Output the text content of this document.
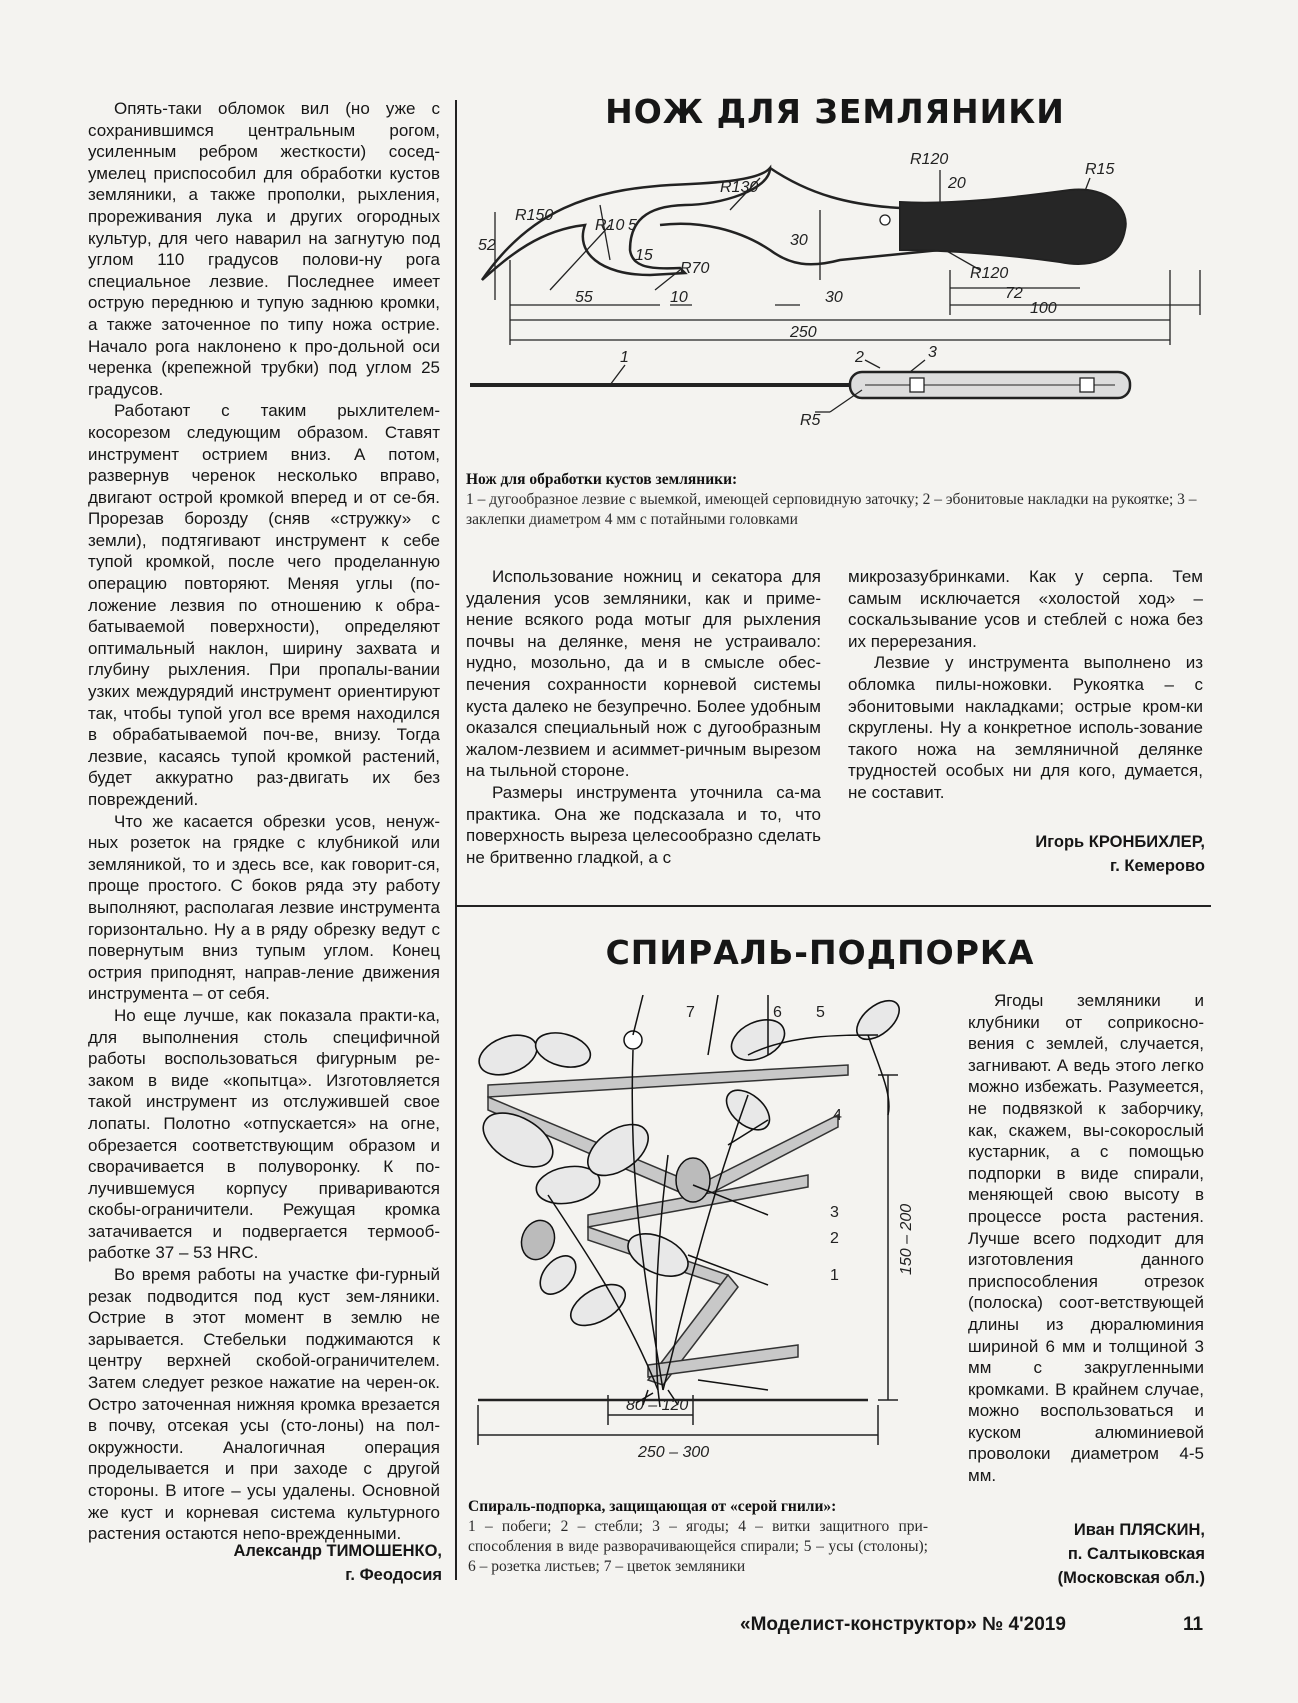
Опять-таки обломок вил (но уже с сохранившимся центральным рогом, усиленным ребром жесткости) сосед-умелец приспособил для обработки кустов земляники, а также прополки, рыхления, прореживания лука и других огородных культур, для чего наварил на загнутую под углом 110 градусов полови-ну рога специальное лезвие. Последнее имеет острую переднюю и тупую заднюю кромки, а также заточенное по типу ножа острие. Начало рога наклонено к про-дольной оси черенка (крепежной трубки) под углом 25 градусов.

Работают с таким рыхлителем-косорезом следующим образом. Ставят инструмент острием вниз. А потом, развернув черенок несколько вправо, двигают острой кромкой вперед и от се-бя. Прорезав борозду (сняв «стружку» с земли), подтягивают инструмент к себе тупой кромкой, после чего проделанную операцию повторяют. Меняя углы (по-ложение лезвия по отношению к обра-батываемой поверхности), определяют оптимальный наклон, ширину захвата и глубину рыхления. При пропалы-вании узких междурядий инструмент ориентируют так, чтобы тупой угол все время находился в обрабатываемой поч-ве, внизу. Тогда лезвие, касаясь тупой кромкой растений, будет аккуратно раз-двигать их без повреждений.

Что же касается обрезки усов, ненуж-ных розеток на грядке с клубникой или земляникой, то и здесь все, как говорит-ся, проще простого. С боков ряда эту работу выполняют, располагая лезвие инструмента горизонтально. Ну а в ряду обрезку ведут с повернутым вниз тупым углом. Конец острия приподнят, направ-ление движения инструмента – от себя.

Но еще лучше, как показала практи-ка, для выполнения столь специфичной работы воспользоваться фигурным ре-заком в виде «копытца». Изготовляется такой инструмент из отслужившей свое лопаты. Полотно «отпускается» на огне, обрезается соответствующим образом и сворачивается в полуворонку. К по-лучившемуся корпусу привариваются скобы-ограничители. Режущая кромка затачивается и подвергается термооб-работке 37 – 53 HRC.

Во время работы на участке фи-гурный резак подводится под куст зем-ляники. Острие в этот момент в землю не зарывается. Стебельки поджимаются к центру верхней скобой-ограничителем. Затем следует резкое нажатие на черен-ок. Остро заточенная нижняя кромка врезается в почву, отсекая усы (сто-лоны) на пол-окружности. Аналогичная операция проделывается и при заходе с другой стороны. В итоге – усы удалены. Основной же куст и корневая система культурного растения остаются непо-врежденными.

Александр ТИМОШЕНКО,
г. Феодосия
НОЖ ДЛЯ ЗЕМЛЯНИКИ
R120
20
R15
R130
R150
R10 5
15
30
R70	R120
72
52
55	10	30
100
250
1	2	3
R5
Нож для обработки кустов земляники:
1 – дугообразное лезвие с выемкой, имеющей серповидную заточку; 2 – эбонитовые накладки на рукоятке; 3 – заклепки диаметром 4 мм с потайными головками

Использование ножниц и секатора для удаления усов земляники, как и приме-нение всякого рода мотыг для рыхления почвы на делянке, меня не устраивало: нудно, мозольно, да и в смысле обес-печения сохранности корневой системы куста далеко не безупречно. Более удобным оказался специальный нож с дугообразным жалом-лезвием и асиммет-ричным вырезом на тыльной стороне.

Размеры инструмента уточнила са-ма практика. Она же подсказала и то, что поверхность выреза целесообразно сделать не бритвенно гладкой, а с

микрозазубринками. Как у серпа. Тем самым исключается «холостой ход» – соскальзывание усов и стеблей с ножа без их перерезания.

Лезвие у инструмента выполнено из обломка пилы-ножовки. Рукоятка – с эбонитовыми накладками; острые кром-ки скруглены. Ну а конкретное исполь-зование такого ножа на земляничной делянке трудностей особых ни для кого, думается, не составит.

Игорь КРОНБИХЛЕР,
г. Кемерово
СПИРАЛЬ-ПОДПОРКА
7	6 5
4
3
2
1
150 – 200
80 – 120
250 – 300
Спираль-подпорка, защищающая от «серой гнили»:
1 – побеги; 2 – стебли; 3 – ягоды; 4 – витки защитного при-способления в виде разворачивающейся спирали; 5 – усы (столоны); 6 – розетка листьев; 7 – цветок земляники

Ягоды земляники и клубники от соприкосно-вения с землей, случается, загнивают. А ведь этого легко можно избежать. Разумеется, не подвязкой к заборчику, как, скажем, вы-сокорослый кустарник, а с помощью подпорки в виде спирали, меняющей свою высоту в процессе роста растения. Лучше всего подходит для изготовления данного приспособления отрезок (полоска) соот-ветствующей длины из дюралюминия шириной 6 мм и толщиной 3 мм с закругленными кромками. В крайнем случае, можно воспользоваться и куском алюминиевой проволоки диаметром 4-5 мм.

Иван ПЛЯСКИН,
п. Салтыковская
(Московская обл.)
«Моделист-конструктор» № 4'2019	11
